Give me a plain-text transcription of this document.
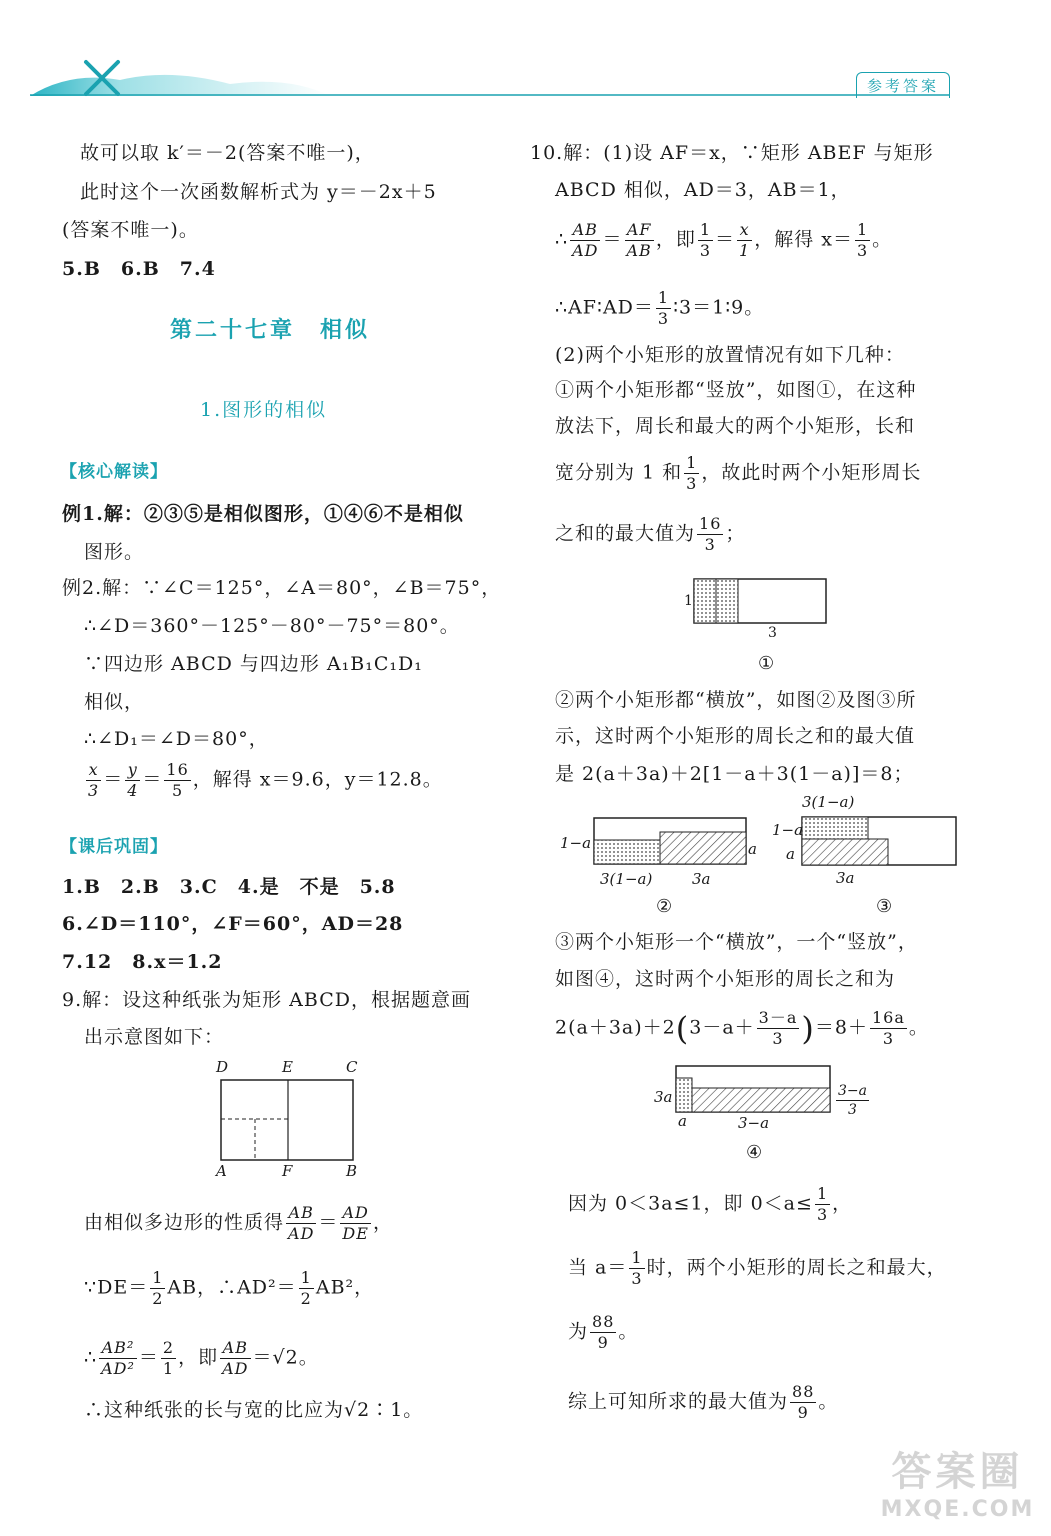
参考答案
故可以取 k′＝－2(答案不唯一)，
此时这个一次函数解析式为 y＝－2x＋5
(答案不唯一)。
5.B　6.B　7.4
第二十七章　相似
1.图形的相似
【核心解读】
例1.解：②③⑤是相似图形，①④⑥不是相似
图形。
例2.解：∵∠C＝125°，∠A＝80°，∠B＝75°，
∴∠D＝360°－125°－80°－75°＝80°。
∵四边形 ABCD 与四边形 A₁B₁C₁D₁
相似，
∴∠D₁＝∠D＝80°，
$\frac{x}{3} = \frac{y}{4} = \frac{16}{5}$ ，解得 x＝9.6，y＝12.8。
【课后巩固】
1.B　2.B　3.C　4.是　不是　5.8
6.∠D＝110°，∠F＝60°，AD＝28
7.12　8.x＝1.2
9.解：设这种纸张为矩形 ABCD，根据题意画
出示意图如下：
D	E	C
A	F	B
由相似多边形的性质得 $\frac{AB}{AD} = \frac{AD}{DE}$ ，
∵DE＝ $\frac{1}{2}$ AB，∴AD²＝ $\frac{1}{2} AB^2$，
∴ $\frac{\text{AB²}}{\text{AD²}} = \frac{2}{1}$ ，即 $\frac{AB}{AD} =√2$。
∴这种纸张的长与宽的比应为√2∶1。
10.解：(1)设 AF＝x，∵矩形 ABEF 与矩形
ABCD 相似，AD＝3，AB＝1，
∴ $\frac{AB}{AD} = \frac{AF}{AB}$ ，即 $\frac{1}{3} = \frac{x}{1}$ ，解得 $x= \frac{1}{3}$ 。
∴AF∶AD＝ $\frac{1}{3}$ ∶3＝1∶9。
(2)两个小矩形的放置情况有如下几种：
①两个小矩形都“竖放”，如图①，在这种
放法下，周长和最大的两个小矩形，长和
宽分别为 1 和 $\frac{1}{3}$ ，故此时两个小矩形周长
之和的最大值为 $\frac{16}{3}$ ；
1
3
①
②两个小矩形都“横放”，如图②及图③所
示，这时两个小矩形的周长之和的最大值
是 2(a＋3a)＋2[1－a＋3(1－a)]＝8；
1−a	a
3(1−a)	3a
②
3(1−a)
1−a
a
3a
③
③两个小矩形一个“横放”，一个“竖放”，
如图④，这时两个小矩形的周长之和为
$2(a+3a)+2(3-a+ \frac{3-a}{3} )=8+ \frac{16a}{3}$ 。
3a
a	3−a
$\frac{3-a}{3}$
④
因为 0＜3a≤1，即 $0<a\le \frac{1}{3}$ ，
当 $a= \frac{1}{3}$ 时，两个小矩形的周长之和最大，
为 $\frac{88}{9}$ 。
综上可知所求的最大值为 $\frac{88}{9}$ 。
答案圈
MXQE.COM
